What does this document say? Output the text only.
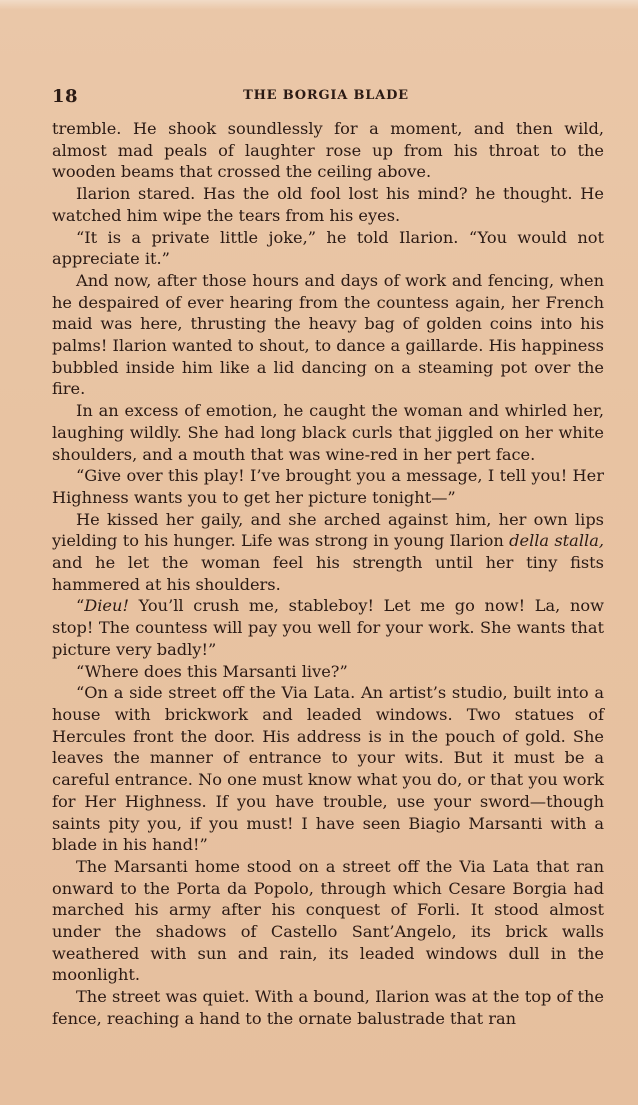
18	THE BORGIA BLADE

tremble. He shook soundlessly for a moment, and then wild, almost mad peals of laughter rose up from his throat to the wooden beams that crossed the ceiling above.

Ilarion stared. Has the old fool lost his mind? he thought. He watched him wipe the tears from his eyes.

“It is a private little joke,” he told Ilarion. “You would not appreciate it.”

And now, after those hours and days of work and fencing, when he despaired of ever hearing from the countess again, her French maid was here, thrusting the heavy bag of golden coins into his palms! Ilarion wanted to shout, to dance a gaillarde. His happiness bubbled inside him like a lid dancing on a steaming pot over the fire.

In an excess of emotion, he caught the woman and whirled her, laughing wildly. She had long black curls that jiggled on her white shoulders, and a mouth that was wine-red in her pert face.

“Give over this play! I’ve brought you a message, I tell you! Her Highness wants you to get her picture tonight—”

He kissed her gaily, and she arched against him, her own lips yielding to his hunger. Life was strong in young Ilarion della stalla, and he let the woman feel his strength until her tiny fists hammered at his shoulders.

“Dieu! You’ll crush me, stableboy! Let me go now! La, now stop! The countess will pay you well for your work. She wants that picture very badly!”

“Where does this Marsanti live?”

“On a side street off the Via Lata. An artist’s studio, built into a house with brickwork and leaded windows. Two statues of Hercules front the door. His address is in the pouch of gold. She leaves the manner of entrance to your wits. But it must be a careful entrance. No one must know what you do, or that you work for Her Highness. If you have trouble, use your sword—though saints pity you, if you must! I have seen Biagio Marsanti with a blade in his hand!”

The Marsanti home stood on a street off the Via Lata that ran onward to the Porta da Popolo, through which Cesare Borgia had marched his army after his conquest of Forli. It stood almost under the shadows of Castello Sant’Angelo, its brick walls weathered with sun and rain, its leaded windows dull in the moonlight.

The street was quiet. With a bound, Ilarion was at the top of the fence, reaching a hand to the ornate balustrade that ran
